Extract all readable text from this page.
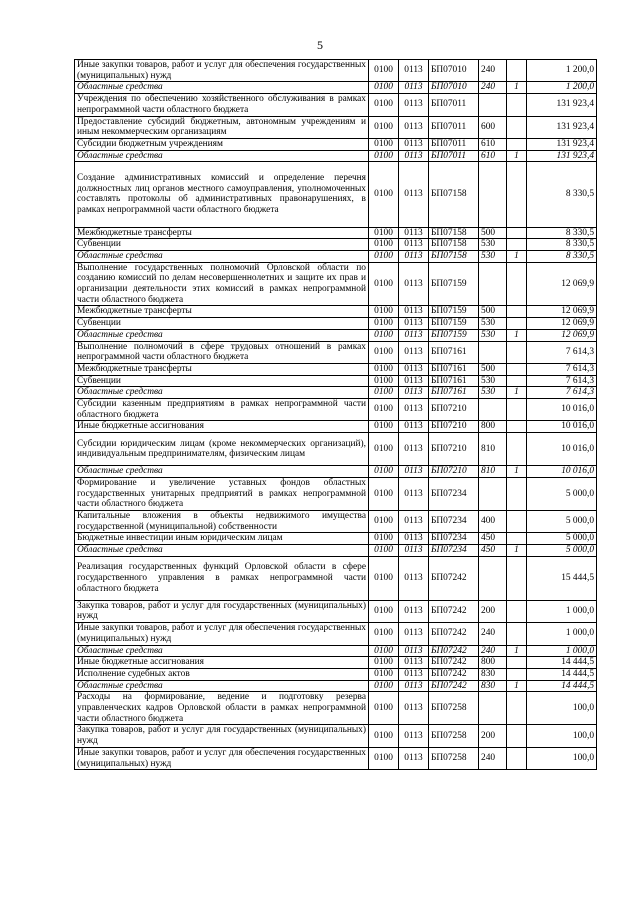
5
Иные закупки товаров, работ и услуг для обеспечения государственных (муниципальных) нужд	0100	0113	БП07010	240		1 200,0
Областные средства	0100	0113	БП07010	240	1	1 200,0
Учреждения по обеспечению хозяйственного обслуживания в рамках непрограммной части областного бюджета	0100	0113	БП07011			131 923,4
Предоставление субсидий бюджетным, автономным учреждениям и иным некоммерческим организациям	0100	0113	БП07011	600		131 923,4
Субсидии бюджетным учреждениям	0100	0113	БП07011	610		131 923,4
Областные средства	0100	0113	БП07011	610	1	131 923,4
Создание административных комиссий и определение перечня должностных лиц органов местного самоуправления, уполномоченных составлять протоколы об административных правонарушениях, в рамках непрограммной части областного бюджета	0100	0113	БП07158			8 330,5
Межбюджетные трансферты	0100	0113	БП07158	500		8 330,5
Субвенции	0100	0113	БП07158	530		8 330,5
Областные средства	0100	0113	БП07158	530	1	8 330,5
Выполнение государственных полномочий Орловской области по созданию комиссий по делам несовершеннолетних и защите их прав и организации деятельности этих комиссий в рамках непрограммной части областного бюджета	0100	0113	БП07159			12 069,9
Межбюджетные трансферты	0100	0113	БП07159	500		12 069,9
Субвенции	0100	0113	БП07159	530		12 069,9
Областные средства	0100	0113	БП07159	530	1	12 069,9
Выполнение полномочий в сфере трудовых отношений в рамках непрограммной части областного бюджета	0100	0113	БП07161			7 614,3
Межбюджетные трансферты	0100	0113	БП07161	500		7 614,3
Субвенции	0100	0113	БП07161	530		7 614,3
Областные средства	0100	0113	БП07161	530	1	7 614,3
Субсидии казенным предприятиям в рамках непрограммной части областного бюджета	0100	0113	БП07210			10 016,0
Иные бюджетные ассигнования	0100	0113	БП07210	800		10 016,0
Субсидии юридическим лицам (кроме некоммерческих организаций), индивидуальным предпринимателям, физическим лицам	0100	0113	БП07210	810		10 016,0
Областные средства	0100	0113	БП07210	810	1	10 016,0
Формирование и увеличение уставных фондов областных государственных унитарных предприятий в рамках непрограммной части областного бюджета	0100	0113	БП07234			5 000,0
Капитальные вложения в объекты недвижимого имущества государственной (муниципальной) собственности	0100	0113	БП07234	400		5 000,0
Бюджетные инвестиции иным юридическим лицам	0100	0113	БП07234	450		5 000,0
Областные средства	0100	0113	БП07234	450	1	5 000,0
Реализация государственных функций Орловской области в сфере государственного управления в рамках непрограммной части областного бюджета	0100	0113	БП07242			15 444,5
Закупка товаров, работ и услуг для государственных (муниципальных) нужд	0100	0113	БП07242	200		1 000,0
Иные закупки товаров, работ и услуг для обеспечения государственных (муниципальных) нужд	0100	0113	БП07242	240		1 000,0
Областные средства	0100	0113	БП07242	240	1	1 000,0
Иные бюджетные ассигнования	0100	0113	БП07242	800		14 444,5
Исполнение судебных актов	0100	0113	БП07242	830		14 444,5
Областные средства	0100	0113	БП07242	830	1	14 444,5
Расходы на формирование, ведение и подготовку резерва управленческих кадров Орловской области в рамках непрограммной части областного бюджета	0100	0113	БП07258			100,0
Закупка товаров, работ и услуг для государственных (муниципальных) нужд	0100	0113	БП07258	200		100,0
Иные закупки товаров, работ и услуг для обеспечения государственных (муниципальных) нужд	0100	0113	БП07258	240		100,0
